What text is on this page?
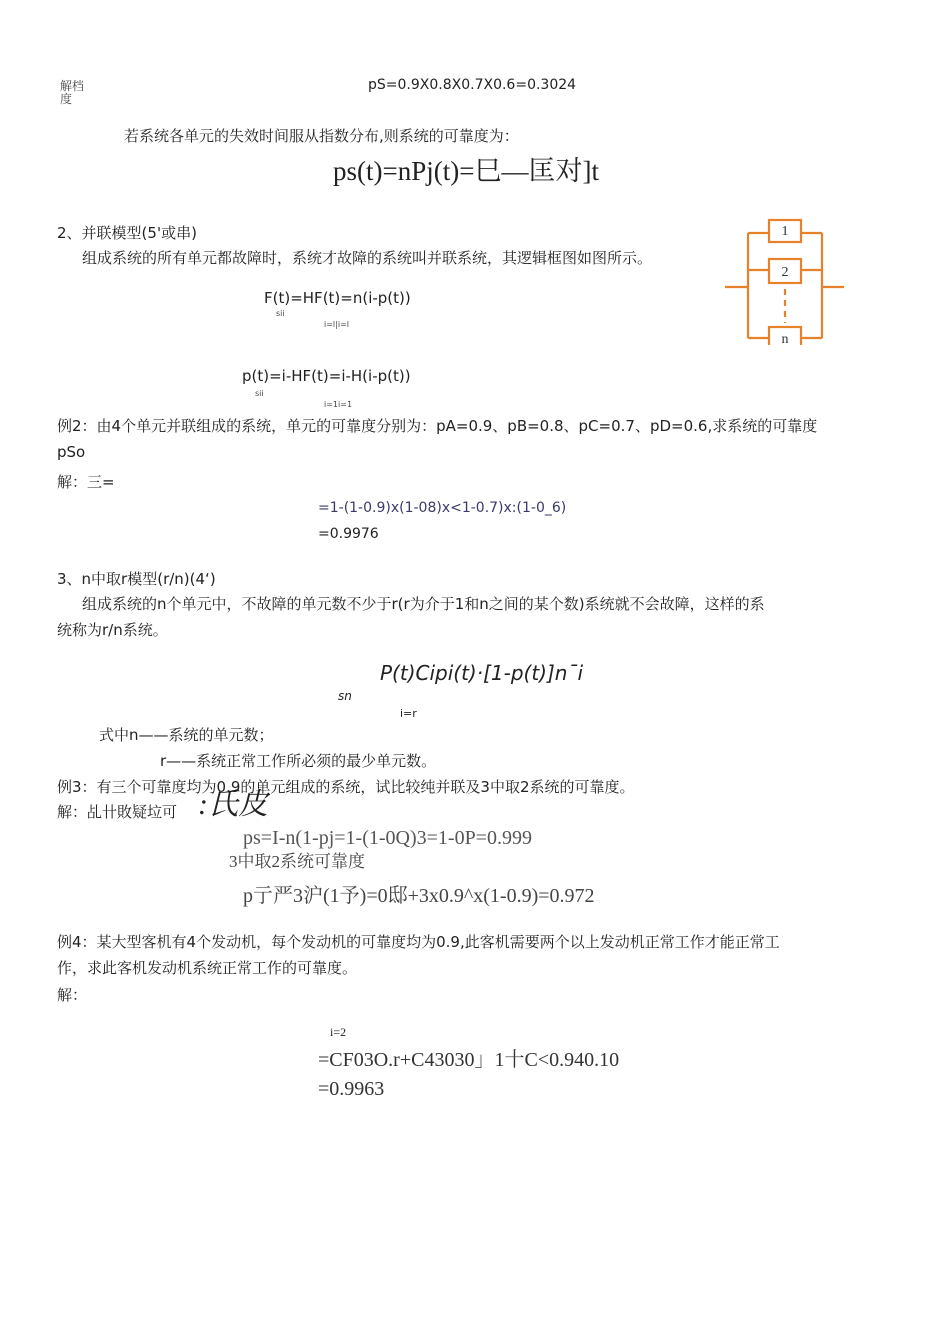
解档
度
pS=0.9X0.8X0.7X0.6=0.3024
若系统各单元的失效时间服从指数分布,则系统的可靠度为：
ps(t)=nPj(t)=巳—匡对]t
2、并联模型(5'或串)
组成系统的所有单元都故障时，系统才故障的系统叫并联系统，其逻辑框图如图所示。
1
2
n
F(t)=HF(t)=n(i-p(t))
sii
i=l|i=l
p(t)=i-HF(t)=i-H(i-p(t))
sii
i=1i=1
例2：由4个单元并联组成的系统，单元的可靠度分别为：pA=0.9、pB=0.8、pC=0.7、pD=0.6,求系统的可靠度
pSo
解：三=
=1-(1-0.9)x(1-08)x<1-0.7)x:(1-0_6)
=0.9976
3、n中取r模型(r/n)(4‘)
组成系统的n个单元中，不故障的单元数不少于r(r为介于1和n之间的某个数)系统就不会故障，这样的系
统称为r/n系统。
P(t)Cipi(t)·[1-p(t)]n¯i
sn
i=r
式中n——系统的单元数；
r——系统正常工作所必须的最少单元数。
例3：有三个可靠度均为0.9的单元组成的系统，试比较纯并联及3中取2系统的可靠度。
解：乩卄敗疑垃可 :氏皮
ps=I-n(1-pj=1-(1-0Q)3=1-0P=0.999
3中取2系统可靠度
p亍严3沪(1予)=0邸+3x0.9^x(1-0.9)=0.972
例4：某大型客机有4个发动机，每个发动机的可靠度均为0.9,此客机需要两个以上发动机正常工作才能正常工
作，求此客机发动机系统正常工作的可靠度。
解：
i=2
=CF03O.r+C43030」1十C<0.940.10
=0.9963
